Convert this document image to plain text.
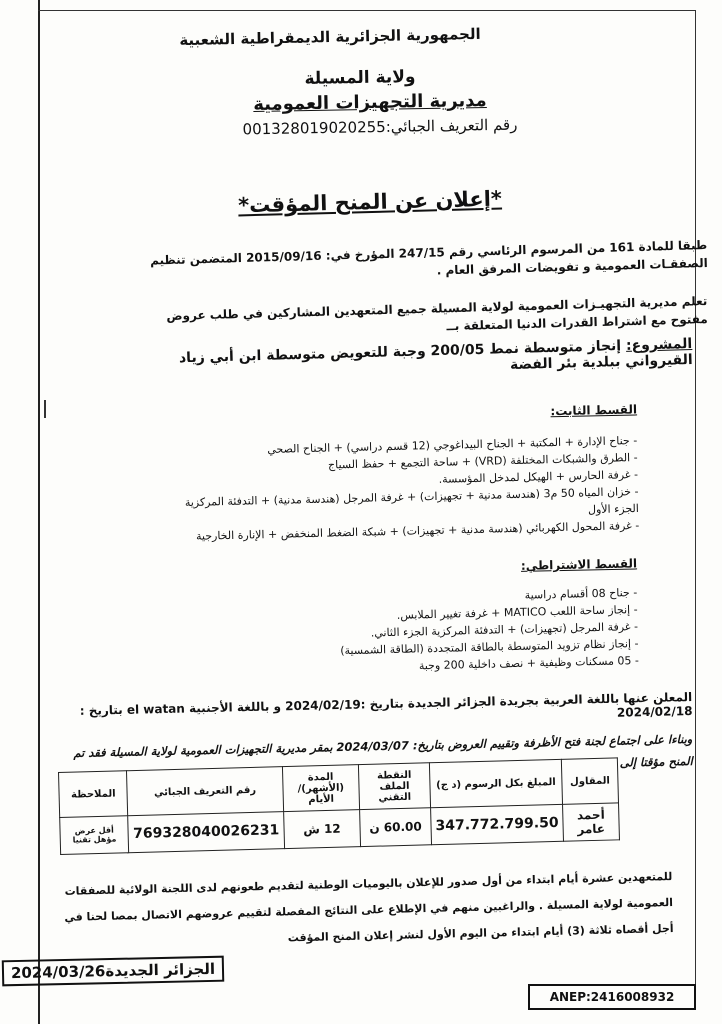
الجمهورية الجزائرية الديمقراطية الشعبية
ولاية المسيلة
مديرية التجهيزات العمومية
رقم التعريف الجبائي:001328019020255
*إعلان عن المنح المؤقت*
طبقا للمادة 161 من المرسوم الرئاسي رقم 247/15 المؤرخ في: 2015/09/16 المتضمن تنظيم الصفقـات العمومية و تفويضات المرفق العام .
تعلم مديرية التجهيـزات العمومية لولاية المسيلة جميع المتعهدين المشاركين في طلب عروض مفتوح مع اشتراط القدرات الدنيا المتعلقة بــ
المشروع: إنجاز متوسطة نمط 200/05 وجبة للتعويض متوسطة ابن أبي زياد القيرواني ببلدية بئر الفضة
القسط الثابت:
- جناح الإدارة + المكتبة + الجناح البيداغوجي (12 قسم دراسي) + الجناح الصحي
- الطرق والشبكات المختلفة (VRD) + ساحة التجمع + حفظ السياج
- غرفة الحارس + الهيكل لمدخل المؤسسة.
- خزان المياه 50 م3 (هندسة مدنية + تجهيزات) + غرفة المرجل (هندسة مدنية) + التدفئة المركزية الجزء الأول
- غرفة المحول الكهربائي (هندسة مدنية + تجهيزات) + شبكة الضغط المنخفض + الإنارة الخارجية
القسط الاشتراطي:
- جناح 08 أقسام دراسية
- إنجاز ساحة اللعب MATICO + غرفة تغيير الملابس.
- غرفة المرجل (تجهيزات) + التدفئة المركزية الجزء الثاني.
- إنجاز نظام تزويد المتوسطة بالطاقة المتجددة (الطاقة الشمسية)
- 05 مسكنات وظيفية + نصف داخلية 200 وجبة
المعلن عنها باللغة العربية بجريدة الجزائر الجديدة بتاريخ :2024/02/19 و باللغة الأجنبية el watan بتاريخ : 2024/02/18
وبناءا على اجتماع لجنة فتح الأظرفة وتقييم العروض بتاريخ: 2024/03/07 بمقر مديرية التجهيزات العمومية لولاية المسيلة فقد تم المنح مؤقتا إلى
المقاول	المبلغ بكل الرسوم (د ج)	النقطة الملف التقني	المدة (الأشهر)/ الأيام	رقم التعريف الجبائي	الملاحظة
أحمد عامر	347.772.799.50	60.00 ن	12 ش	769328040026231	أقل عرض مؤهل تقنيا
للمتعهدين عشرة أيام ابتداء من أول صدور للإعلان باليوميات الوطنية لتقديم طعونهم لدى اللجنة الولائية للصفقات العمومية لولاية المسيلة . والراغبين منهم في الإطلاع على النتائج المفصلة لتقييم عروضهم الاتصال بمصا لحنا في أجل أقصاه ثلاثة (3) أيام ابتداء من اليوم الأول لنشر إعلان المنح المؤقت
الجزائر الجديدة2024/03/26
ANEP:2416008932
